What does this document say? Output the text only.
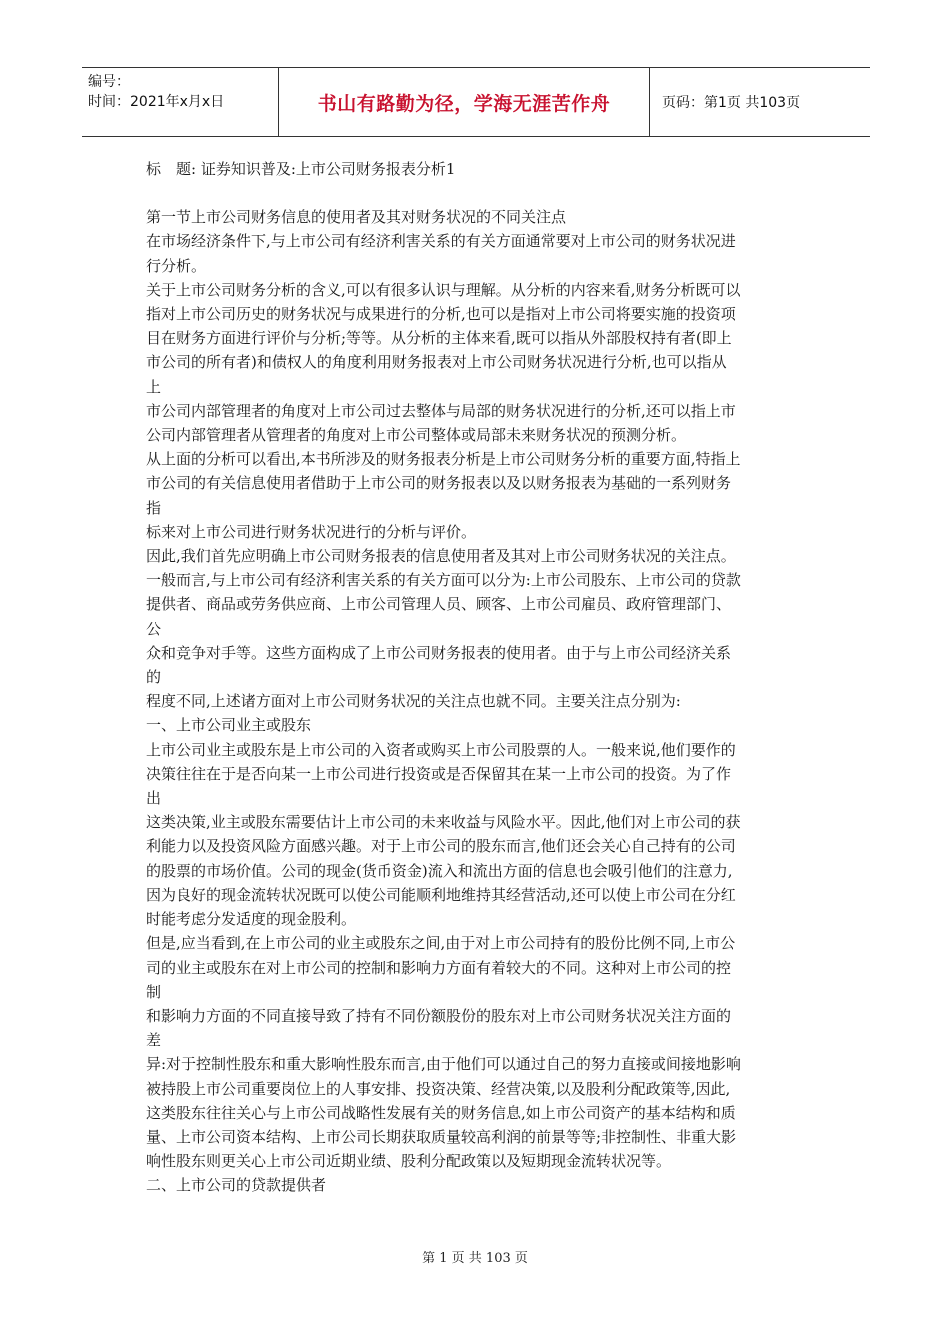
编号：
时间：2021年x月x日	书山有路勤为径，学海无涯苦作舟	页码：第1页 共103页

标　题: 证券知识普及:上市公司财务报表分析1

第一节上市公司财务信息的使用者及其对财务状况的不同关注点

在市场经济条件下,与上市公司有经济利害关系的有关方面通常要对上市公司的财务状况进

行分析。

关于上市公司财务分析的含义,可以有很多认识与理解。从分析的内容来看,财务分析既可以

指对上市公司历史的财务状况与成果进行的分析,也可以是指对上市公司将要实施的投资项

目在财务方面进行评价与分析;等等。从分析的主体来看,既可以指从外部股权持有者(即上

市公司的所有者)和债权人的角度利用财务报表对上市公司财务状况进行分析,也可以指从

上

市公司内部管理者的角度对上市公司过去整体与局部的财务状况进行的分析,还可以指上市

公司内部管理者从管理者的角度对上市公司整体或局部未来财务状况的预测分析。

从上面的分析可以看出,本书所涉及的财务报表分析是上市公司财务分析的重要方面,特指上

市公司的有关信息使用者借助于上市公司的财务报表以及以财务报表为基础的一系列财务

指

标来对上市公司进行财务状况进行的分析与评价。

因此,我们首先应明确上市公司财务报表的信息使用者及其对上市公司财务状况的关注点。

一般而言,与上市公司有经济利害关系的有关方面可以分为:上市公司股东、上市公司的贷款

提供者、商品或劳务供应商、上市公司管理人员、顾客、上市公司雇员、政府管理部门、

公

众和竞争对手等。这些方面构成了上市公司财务报表的使用者。由于与上市公司经济关系

的

程度不同,上述诸方面对上市公司财务状况的关注点也就不同。主要关注点分别为:

一、上市公司业主或股东

上市公司业主或股东是上市公司的入资者或购买上市公司股票的人。一般来说,他们要作的

决策往往在于是否向某一上市公司进行投资或是否保留其在某一上市公司的投资。为了作

出

这类决策,业主或股东需要估计上市公司的未来收益与风险水平。因此,他们对上市公司的获

利能力以及投资风险方面感兴趣。对于上市公司的股东而言,他们还会关心自己持有的公司

的股票的市场价值。公司的现金(货币资金)流入和流出方面的信息也会吸引他们的注意力,

因为良好的现金流转状况既可以使公司能顺利地维持其经营活动,还可以使上市公司在分红

时能考虑分发适度的现金股利。

但是,应当看到,在上市公司的业主或股东之间,由于对上市公司持有的股份比例不同,上市公

司的业主或股东在对上市公司的控制和影响力方面有着较大的不同。这种对上市公司的控

制

和影响力方面的不同直接导致了持有不同份额股份的股东对上市公司财务状况关注方面的

差

异:对于控制性股东和重大影响性股东而言,由于他们可以通过自己的努力直接或间接地影响

被持股上市公司重要岗位上的人事安排、投资决策、经营决策,以及股利分配政策等,因此,

这类股东往往关心与上市公司战略性发展有关的财务信息,如上市公司资产的基本结构和质

量、上市公司资本结构、上市公司长期获取质量较高利润的前景等等;非控制性、非重大影

响性股东则更关心上市公司近期业绩、股利分配政策以及短期现金流转状况等。

二、上市公司的贷款提供者

第 1 页 共 103 页
